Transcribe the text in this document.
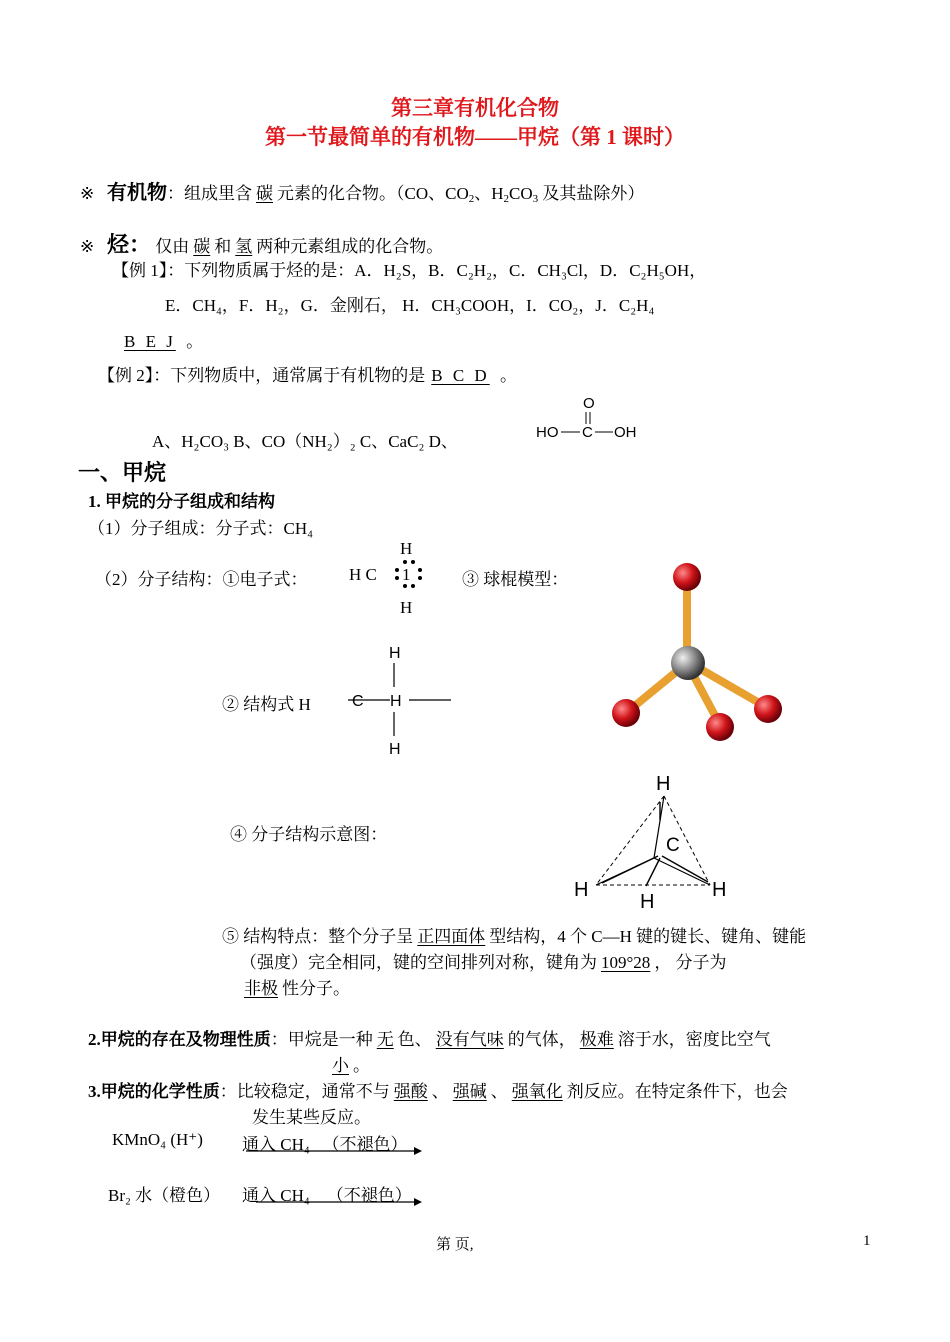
第三章有机化合物
第一节最简单的有机物——甲烷（第 1 课时）
※ 有机物：组成里含 碳 元素的化合物。（CO、$CO_2$、$H_2CO_3$ 及其盐除外）
※ 烃： 仅由 碳 和 氢 两种元素组成的化合物。
【例 1】：下列物质属于烃的是：A．H₂S，B．C₂H₂，C．CH₃Cl，D．C₂H₅OH，
E．CH₄，F．H₂，G．金刚石， H．CH₃COOH，I．CO₂，J．C₂H₄
B E J 。
【例 2】：下列物质中，通常属于有机物的是 B C D 。
A、H₂CO₃ B、CO（NH₂）₂ C、CaC₂ D、
O
HO C OH
一、甲烷
1. 甲烷的分子组成和结构
（1）分子组成：分子式：CH₄
（2）分子结构：①电子式：
H
H C 1
H
③ 球棍模型：
② 结构式 H
H
C H
H
④ 分子结构示意图：
H
C
H
H
H
⑤ 结构特点：整个分子呈 正四面体 型结构，4 个 C—H 键的键长、键角、键能
（强度）完全相同，键的空间排列对称，键角为 109°28 ， 分子为
非极 性分子。
2.甲烷的存在及物理性质：甲烷是一种 无 色、 没有气味 的气体， 极难 溶于水，密度比空气
小 。
3.甲烷的化学性质：比较稳定，通常不与 强酸 、 强碱 、 强氧化 剂反应。在特定条件下，也会
发生某些反应。
KMnO₄ (H⁺) 通入 CH₄ （不褪色）
Br₂ 水（橙色） 通入 CH₄ （不褪色）
第 页,	1
